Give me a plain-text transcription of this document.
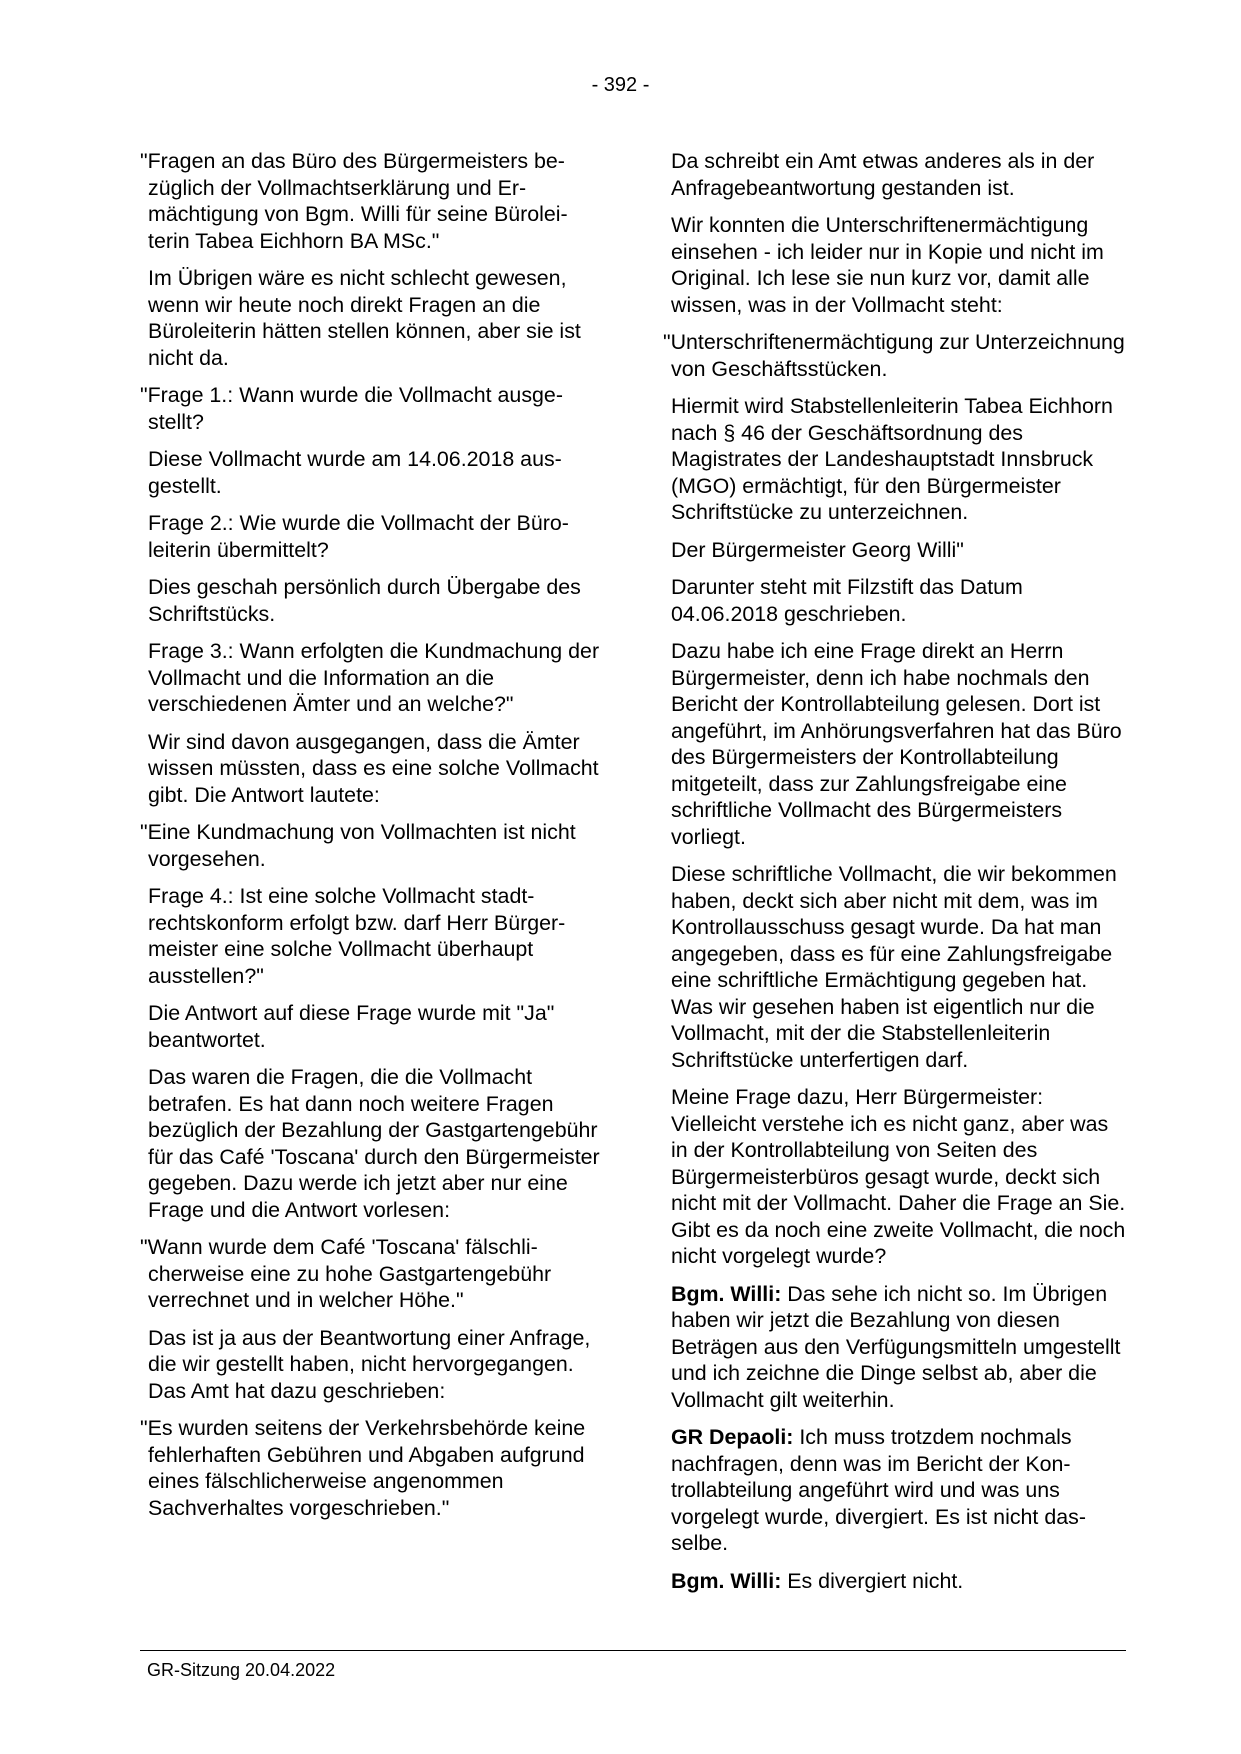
- 392 -

"Fragen an das Büro des Bürgermeisters bezüglich der Vollmachtserklärung und Ermächtigung von Bgm. Willi für seine Büroleiterin Tabea Eichhorn BA MSc."

Im Übrigen wäre es nicht schlecht gewesen, wenn wir heute noch direkt Fragen an die Büroleiterin hätten stellen können, aber sie ist nicht da.

"Frage 1.: Wann wurde die Vollmacht ausgestellt?

Diese Vollmacht wurde am 14.06.2018 ausgestellt.

Frage 2.: Wie wurde die Vollmacht der Büroleiterin übermittelt?

Dies geschah persönlich durch Übergabe des Schriftstücks.

Frage 3.: Wann erfolgten die Kundmachung der Vollmacht und die Information an die verschiedenen Ämter und an welche?"

Wir sind davon ausgegangen, dass die Ämter wissen müssten, dass es eine solche Vollmacht gibt. Die Antwort lautete:

"Eine Kundmachung von Vollmachten ist nicht vorgesehen.

Frage 4.: Ist eine solche Vollmacht stadtrechtskonform erfolgt bzw. darf Herr Bürgermeister eine solche Vollmacht überhaupt ausstellen?"

Die Antwort auf diese Frage wurde mit "Ja" beantwortet.

Das waren die Fragen, die die Vollmacht betrafen. Es hat dann noch weitere Fragen bezüglich der Bezahlung der Gastgartengebühr für das Café 'Toscana' durch den Bürgermeister gegeben. Dazu werde ich jetzt aber nur eine Frage und die Antwort vorlesen:

"Wann wurde dem Café 'Toscana' fälschlicherweise eine zu hohe Gastgartengebühr verrechnet und in welcher Höhe."

Das ist ja aus der Beantwortung einer Anfrage, die wir gestellt haben, nicht hervorgegangen. Das Amt hat dazu geschrieben:

"Es wurden seitens der Verkehrsbehörde keine fehlerhaften Gebühren und Abgaben aufgrund eines fälschlicherweise angenommen Sachverhaltes vorgeschrieben."

Da schreibt ein Amt etwas anderes als in der Anfragebeantwortung gestanden ist.

Wir konnten die Unterschriftenermächtigung einsehen - ich leider nur in Kopie und nicht im Original. Ich lese sie nun kurz vor, damit alle wissen, was in der Vollmacht steht:

"Unterschriftenermächtigung zur Unterzeichnung von Geschäftsstücken.

Hiermit wird Stabstellenleiterin Tabea Eichhorn nach § 46 der Geschäftsordnung des Magistrates der Landeshauptstadt Innsbruck (MGO) ermächtigt, für den Bürgermeister Schriftstücke zu unterzeichnen.

Der Bürgermeister Georg Willi"

Darunter steht mit Filzstift das Datum 04.06.2018 geschrieben.

Dazu habe ich eine Frage direkt an Herrn Bürgermeister, denn ich habe nochmals den Bericht der Kontrollabteilung gelesen. Dort ist angeführt, im Anhörungsverfahren hat das Büro des Bürgermeisters der Kontrollabteilung mitgeteilt, dass zur Zahlungsfreigabe eine schriftliche Vollmacht des Bürgermeisters vorliegt.

Diese schriftliche Vollmacht, die wir bekommen haben, deckt sich aber nicht mit dem, was im Kontrollausschuss gesagt wurde. Da hat man angegeben, dass es für eine Zahlungsfreigabe eine schriftliche Ermächtigung gegeben hat. Was wir gesehen haben ist eigentlich nur die Vollmacht, mit der die Stabstellenleiterin Schriftstücke unterfertigen darf.

Meine Frage dazu, Herr Bürgermeister: Vielleicht verstehe ich es nicht ganz, aber was in der Kontrollabteilung von Seiten des Bürgermeisterbüros gesagt wurde, deckt sich nicht mit der Vollmacht. Daher die Frage an Sie. Gibt es da noch eine zweite Vollmacht, die noch nicht vorgelegt wurde?

Bgm. Willi: Das sehe ich nicht so. Im Übrigen haben wir jetzt die Bezahlung von diesen Beträgen aus den Verfügungsmitteln umgestellt und ich zeichne die Dinge selbst ab, aber die Vollmacht gilt weiterhin.

GR Depaoli: Ich muss trotzdem nochmals nachfragen, denn was im Bericht der Kontrollabteilung angeführt wird und was uns vorgelegt wurde, divergiert. Es ist nicht dasselbe.

Bgm. Willi: Es divergiert nicht.

GR-Sitzung 20.04.2022
